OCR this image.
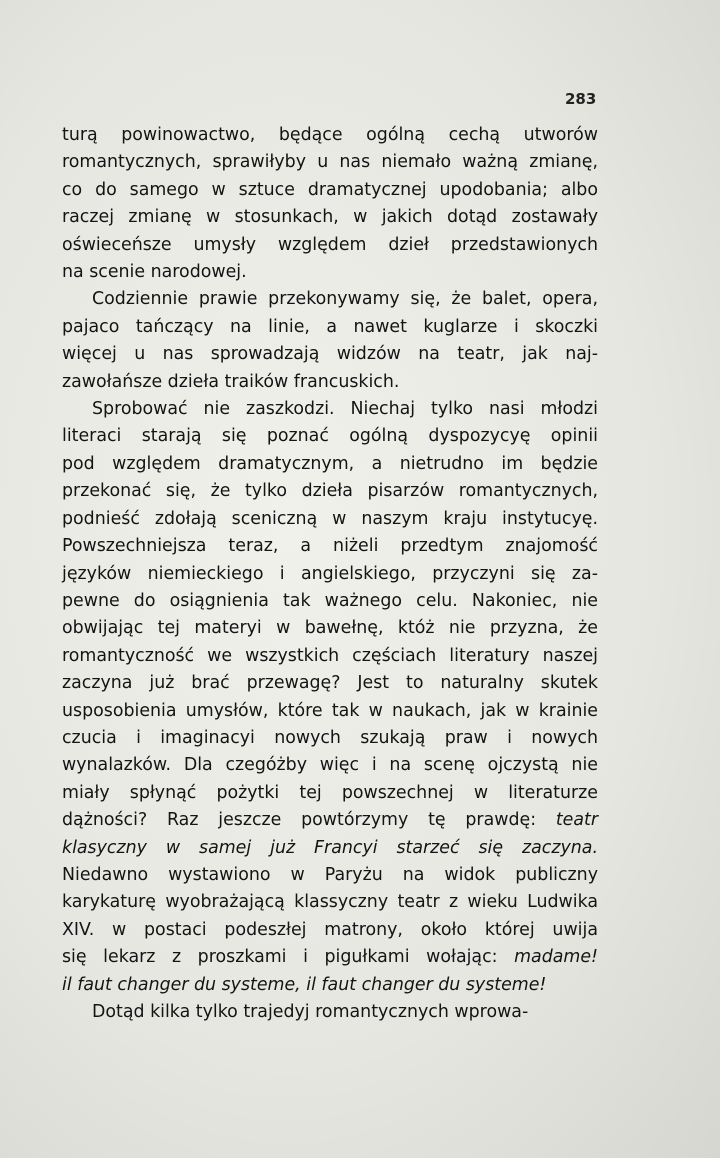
283
turą powinowactwo, będące ogólną cechą utworów
romantycznych, sprawiłyby u nas niemało ważną zmianę,
co do samego w sztuce dramatycznej upodobania; albo
raczej zmianę w stosunkach, w jakich dotąd zostawały
oświeceńsze umysły względem dzieł przedstawionych
na scenie narodowej.
Codziennie prawie przekonywamy się, że balet, opera,
pajaco tańczący na linie, a nawet kuglarze i skoczki
więcej u nas sprowadzają widzów na teatr, jak naj-
zawołańsze dzieła traików francuskich.
Sprobować nie zaszkodzi. Niechaj tylko nasi młodzi
literaci starają się poznać ogólną dyspozycyę opinii
pod względem dramatycznym, a nietrudno im będzie
przekonać się, że tylko dzieła pisarzów romantycznych,
podnieść zdołają sceniczną w naszym kraju instytucyę.
Powszechniejsza teraz, a niżeli przedtym znajomość
języków niemieckiego i angielskiego, przyczyni się za-
pewne do osiągnienia tak ważnego celu. Nakoniec, nie
obwijając tej materyi w bawełnę, któż nie przyzna, że
romantyczność we wszystkich częściach literatury naszej
zaczyna już brać przewagę? Jest to naturalny skutek
usposobienia umysłów, które tak w naukach, jak w krainie
czucia i imaginacyi nowych szukają praw i nowych
wynalazków. Dla czegóżby więc i na scenę ojczystą nie
miały spłynąć pożytki tej powszechnej w literaturze
dążności? Raz jeszcze powtórzymy tę prawdę: teatr
klasyczny w samej już Francyi starzeć się zaczyna.
Niedawno wystawiono w Paryżu na widok publiczny
karykaturę wyobrażającą klassyczny teatr z wieku Ludwika
XIV. w postaci podeszłej matrony, około której uwija
się lekarz z proszkami i pigułkami wołając: madame!
il faut changer du systeme, il faut changer du systeme!
Dotąd kilka tylko trajedyj romantycznych wprowa-
